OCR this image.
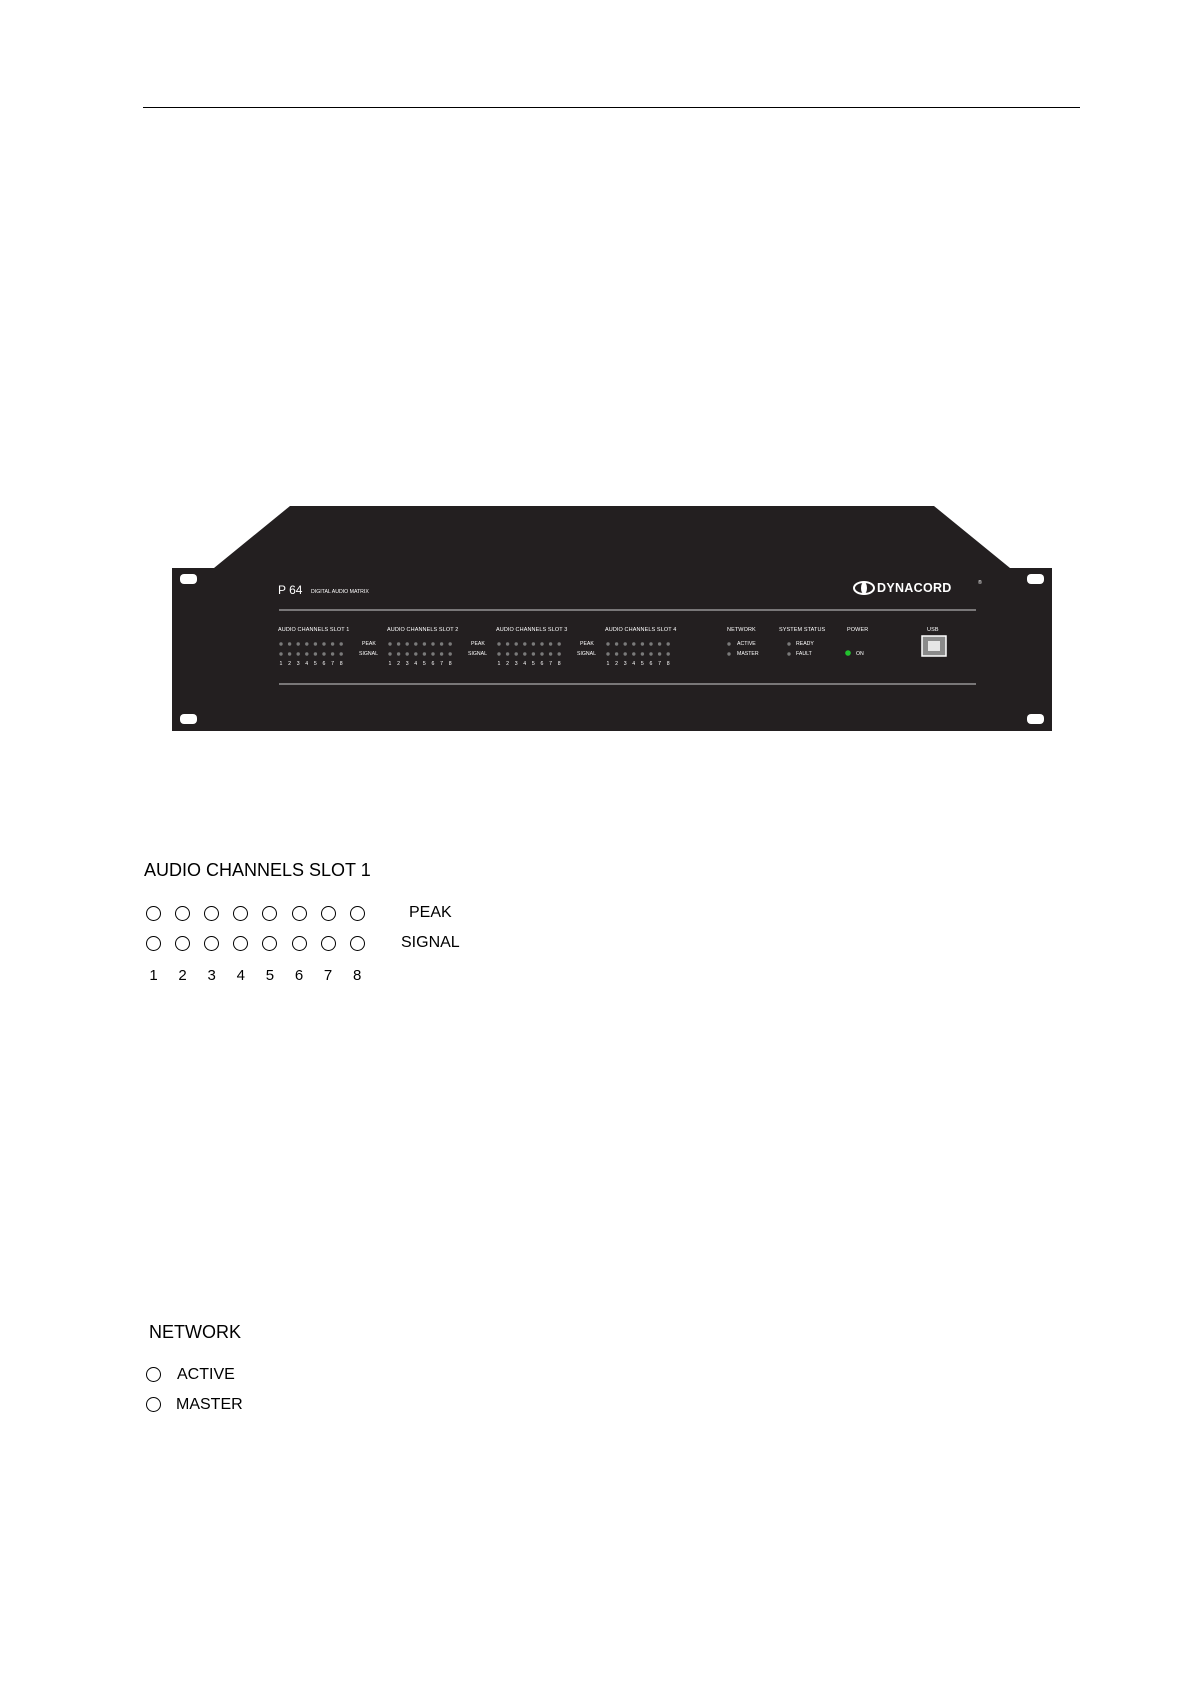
P 64 DIGITAL AUDIO MATRIX	DYNACORD	®
AUDIO CHANNELS SLOT 1	AUDIO CHANNELS SLOT 2	AUDIO CHANNELS SLOT 3	AUDIO CHANNELS SLOT 4
PEAK
SIGNAL
PEAK
SIGNAL
PEAK
SIGNAL
1 2 3 4 5 6 7 8	1 2 3 4 5 6 7 8	1 2 3 4 5 6 7 8	1 2 3 4 5 6 7 8
NETWORK
ACTIVE
MASTER
SYSTEM STATUS
READY
FAULT
POWER
ON
USB
AUDIO CHANNELS SLOT 1
1 2 3 4 5 6 7 8
PEAK
SIGNAL
NETWORK
ACTIVE
MASTER
